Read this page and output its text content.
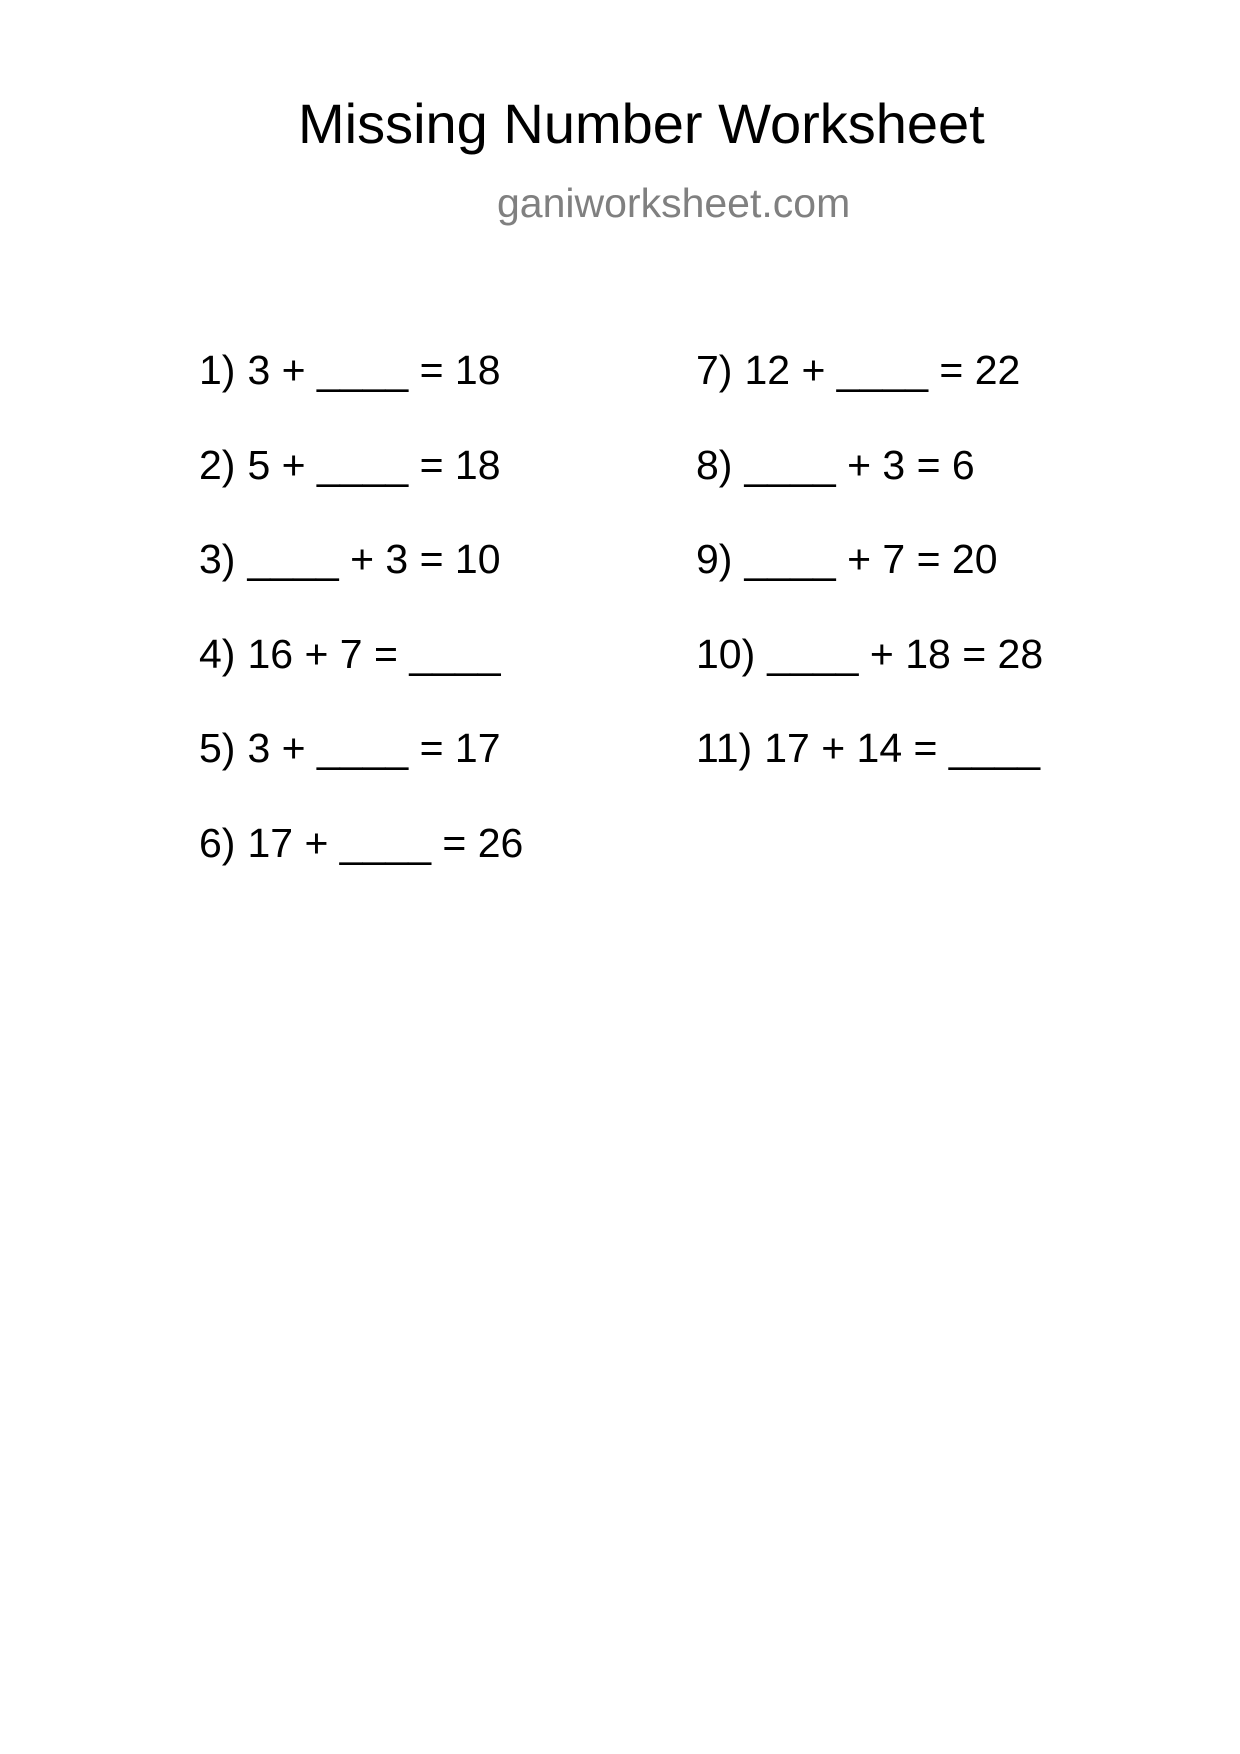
Missing Number Worksheet
ganiworksheet.com
1) 3 + ____ = 18
2) 5 + ____ = 18
3) ____ + 3 = 10
4) 16 + 7 = ____
5) 3 + ____ = 17
6) 17 + ____ = 26
7) 12 + ____ = 22
8) ____ + 3 = 6
9) ____ + 7 = 20
10) ____ + 18 = 28
11) 17 + 14 = ____
